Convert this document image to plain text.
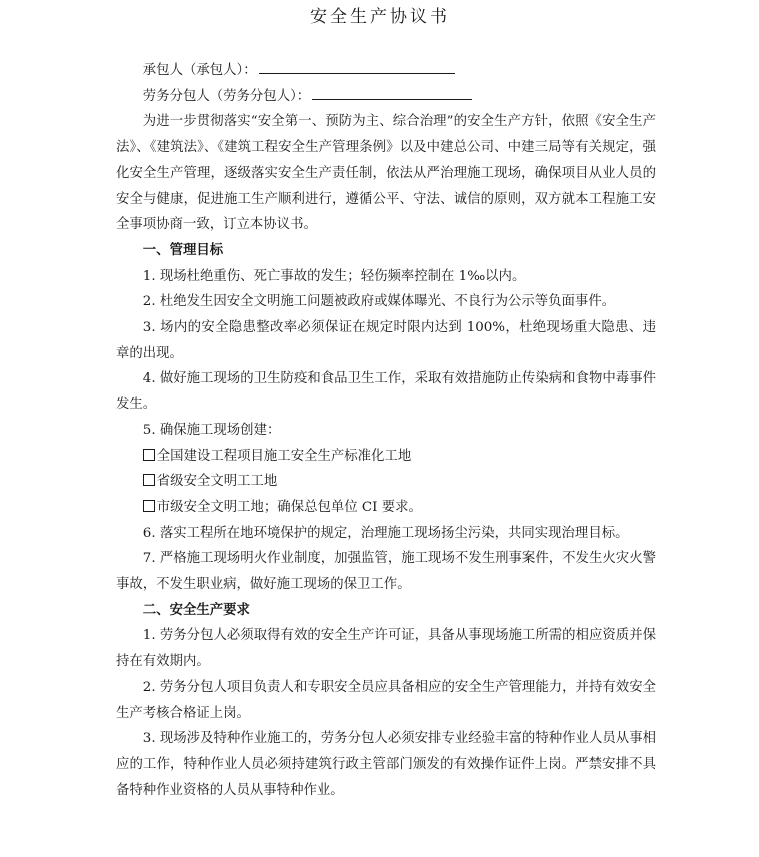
安全生产协议书

承包人（承包人）：

劳务分包人（劳务分包人）：

为进一步贯彻落实“安全第一、预防为主、综合治理”的安全生产方针，依照《安全生产法》、《建筑法》、《建筑工程安全生产管理条例》以及中建总公司、中建三局等有关规定，强化安全生产管理，逐级落实安全生产责任制，依法从严治理施工现场，确保项目从业人员的安全与健康，促进施工生产顺利进行，遵循公平、守法、诚信的原则，双方就本工程施工安全事项协商一致，订立本协议书。

一、管理目标

1. 现场杜绝重伤、死亡事故的发生；轻伤频率控制在 1‰以内。

2. 杜绝发生因安全文明施工问题被政府或媒体曝光、不良行为公示等负面事件。

3. 场内的安全隐患整改率必须保证在规定时限内达到 100%，杜绝现场重大隐患、违章的出现。

4. 做好施工现场的卫生防疫和食品卫生工作，采取有效措施防止传染病和食物中毒事件发生。

5. 确保施工现场创建：

全国建设工程项目施工安全生产标准化工地

省级安全文明工工地

市级安全文明工地；确保总包单位 CI 要求。

6. 落实工程所在地环境保护的规定，治理施工现场扬尘污染，共同实现治理目标。

7. 严格施工现场明火作业制度，加强监管，施工现场不发生刑事案件，不发生火灾火警事故，不发生职业病，做好施工现场的保卫工作。

二、安全生产要求

1. 劳务分包人必须取得有效的安全生产许可证，具备从事现场施工所需的相应资质并保持在有效期内。

2. 劳务分包人项目负责人和专职安全员应具备相应的安全生产管理能力，并持有效安全生产考核合格证上岗。

3. 现场涉及特种作业施工的，劳务分包人必须安排专业经验丰富的特种作业人员从事相应的工作，特种作业人员必须持建筑行政主管部门颁发的有效操作证件上岗。严禁安排不具备特种作业资格的人员从事特种作业。
